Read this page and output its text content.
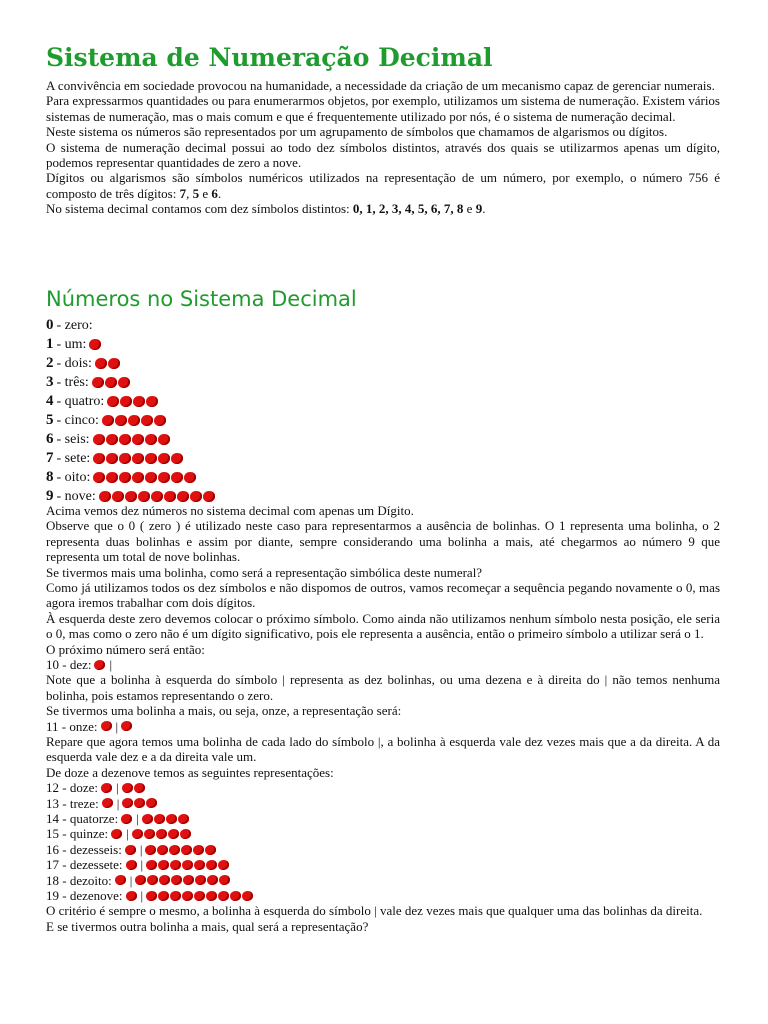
Sistema de Numeração Decimal

A convivência em sociedade provocou na humanidade, a necessidade da criação de um mecanismo capaz de gerenciar numerais.

Para expressarmos quantidades ou para enumerarmos objetos, por exemplo, utilizamos um sistema de numeração. Existem vários sistemas de numeração, mas o mais comum e que é frequentemente utilizado por nós, é o sistema de numeração decimal.

Neste sistema os números são representados por um agrupamento de símbolos que chamamos de algarismos ou dígitos.

O sistema de numeração decimal possui ao todo dez símbolos distintos, através dos quais se utilizarmos apenas um dígito, podemos representar quantidades de zero a nove.

Dígitos ou algarismos são símbolos numéricos utilizados na representação de um número, por exemplo, o número 756 é composto de três dígitos: 7, 5 e 6.

No sistema decimal contamos com dez símbolos distintos: 0, 1, 2, 3, 4, 5, 6, 7, 8 e 9.

Números no Sistema Decimal
0 - zero:
1 - um:
2 - dois:
3 - três:
4 - quatro:
5 - cinco:
6 - seis:
7 - sete:
8 - oito:
9 - nove:

Acima vemos dez números no sistema decimal com apenas um Dígito.

Observe que o 0 ( zero ) é utilizado neste caso para representarmos a ausência de bolinhas. O 1 representa uma bolinha, o 2 representa duas bolinhas e assim por diante, sempre considerando uma bolinha a mais, até chegarmos ao número 9 que representa um total de nove bolinhas.

Se tivermos mais uma bolinha, como será a representação simbólica deste numeral?

Como já utilizamos todos os dez símbolos e não dispomos de outros, vamos recomeçar a sequência pegando novamente o 0, mas agora iremos trabalhar com dois dígitos.

À esquerda deste zero devemos colocar o próximo símbolo. Como ainda não utilizamos nenhum símbolo nesta posição, ele seria o 0, mas como o zero não é um dígito significativo, pois ele representa a ausência, então o primeiro símbolo a utilizar será o 1.

O próximo número será então:

10 - dez: |

Note que a bolinha à esquerda do símbolo | representa as dez bolinhas, ou uma dezena e à direita do | não temos nenhuma bolinha, pois estamos representando o zero.

Se tivermos uma bolinha a mais, ou seja, onze, a representação será:

11 - onze: |

Repare que agora temos uma bolinha de cada lado do símbolo |, a bolinha à esquerda vale dez vezes mais que a da direita. A da esquerda vale dez e a da direita vale um.

De doze a dezenove temos as seguintes representações:

12 - doze: |
13 - treze: |
14 - quatorze: |
15 - quinze: |
16 - dezesseis: |
17 - dezessete: |
18 - dezoito: |
19 - dezenove: |

O critério é sempre o mesmo, a bolinha à esquerda do símbolo | vale dez vezes mais que qualquer uma das bolinhas da direita.

E se tivermos outra bolinha a mais, qual será a representação?
